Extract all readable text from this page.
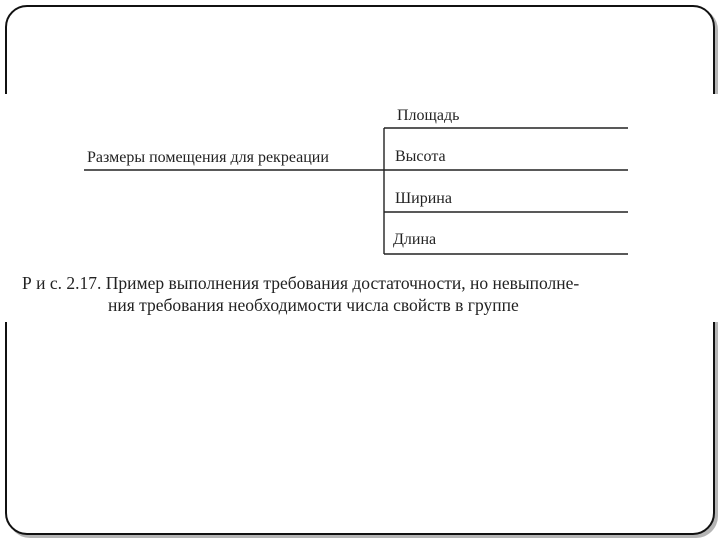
Размеры помещения для рекреации
Площадь
Высота
Ширина
Длина
Р и с. 2.17. Пример выполнения требования достаточности, но невыполне-
ния требования необходимости числа свойств в группе
